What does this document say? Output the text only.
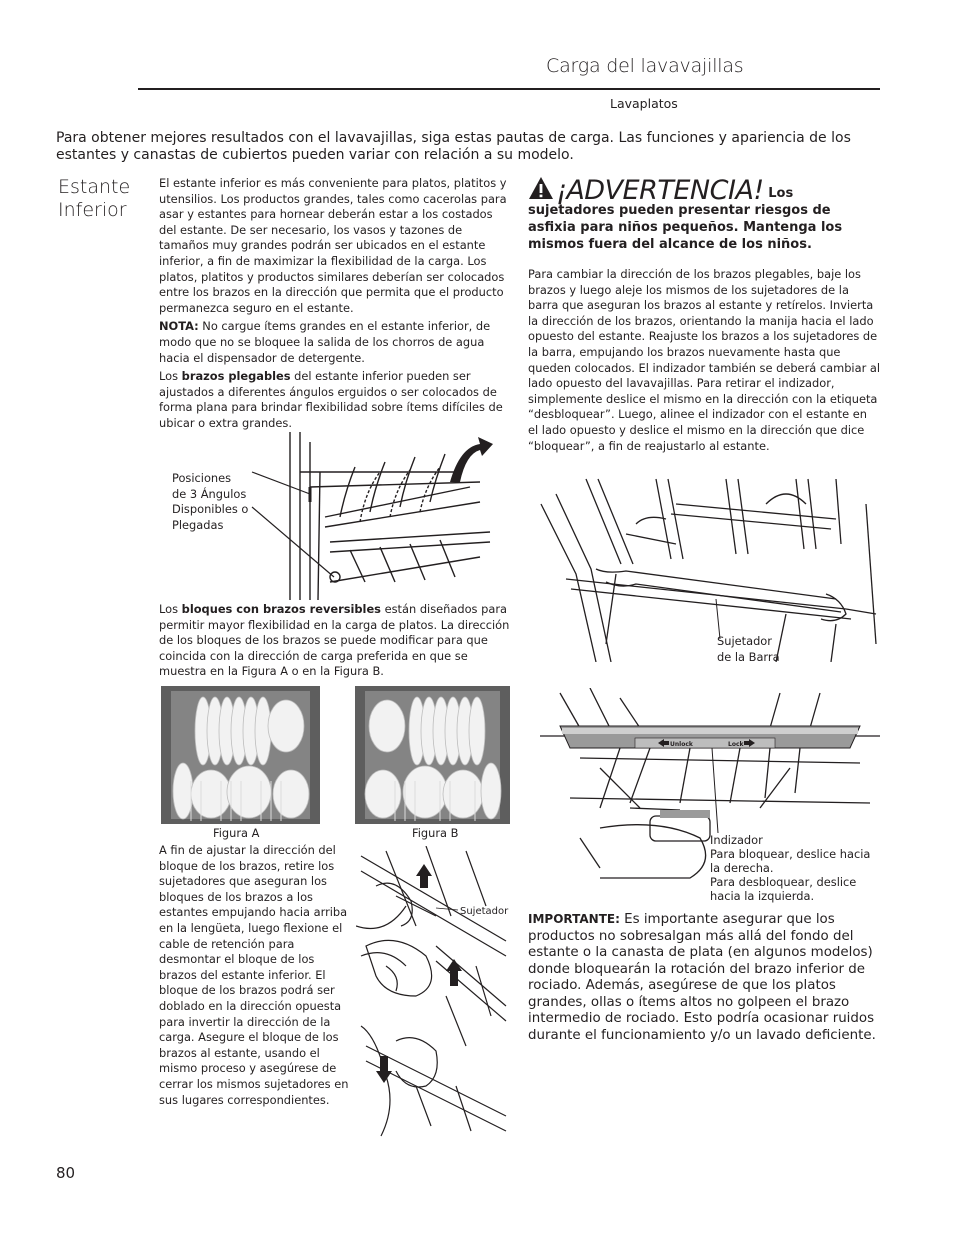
Carga del lavavajillas
Lavaplatos
Para obtener mejores resultados con el lavavajillas, siga estas pautas de carga. Las funciones y apariencia de los estantes y canastas de cubiertos pueden variar con relación a su modelo.
Estante
Inferior

El estante inferior es más conveniente para platos, platitos y utensilios. Los productos grandes, tales como cacerolas para asar y estantes para hornear deberán estar a los costados del estante. De ser necesario, los vasos y tazones de tamaños muy grandes podrán ser ubicados en el estante inferior, a fin de maximizar la flexibilidad de la carga. Los platos, platitos y productos similares deberían ser colocados entre los brazos en la dirección que permita que el producto permanezca seguro en el estante.

NOTA: No cargue ítems grandes en el estante inferior, de modo que no se bloquee la salida de los chorros de agua hacia el dispensador de detergente.

Los brazos plegables del estante inferior pueden ser ajustados a diferentes ángulos erguidos o ser colocados de forma plana para brindar flexibilidad sobre ítems difíciles de ubicar o extra grandes.

Posiciones
de 3 Ángulos
Disponibles o
Plegadas
Los bloques con brazos reversibles están diseñados para permitir mayor flexibilidad en la carga de platos. La dirección de los bloques de los brazos se puede modificar para que coincida con la dirección de carga preferida en que se muestra en la Figura A o en la Figura B.
Figura A	Figura B
A fin de ajustar la dirección del bloque de los brazos, retire los sujetadores que aseguran los bloques de los brazos a los estantes empujando hacia arriba en la lengüeta, luego flexione el cable de retención para desmontar el bloque de los brazos del estante inferior. El bloque de los brazos podrá ser doblado en la dirección opuesta para invertir la dirección de la carga. Asegure el bloque de los brazos al estante, usando el mismo proceso y asegúrese de cerrar los mismos sujetadores en sus lugares correspondientes.
Sujetador
¡ADVERTENCIA! Los sujetadores pueden presentar riesgos de asfixia para niños pequeños. Mantenga los mismos fuera del alcance de los niños.
Para cambiar la dirección de los brazos plegables, baje los brazos y luego aleje los mismos de los sujetadores de la barra que aseguran los brazos al estante y retírelos. Invierta la dirección de los brazos, orientando la manija hacia el lado opuesto del estante. Reajuste los brazos a los sujetadores de la barra, empujando los brazos nuevamente hasta que queden colocados. El indizador también se deberá cambiar al lado opuesto del lavavajillas. Para retirar el indizador, simplemente deslice el mismo en la dirección con la etiqueta “desbloquear”. Luego, alinee el indizador con el estante en el lado opuesto y deslice el mismo en la dirección que dice “bloquear”, a fin de reajustarlo al estante.
Sujetador
de la Barra
Unlock	Lock
Indizador
Para bloquear, deslice hacia
la derecha.
Para desbloquear, deslice
hacia la izquierda.
IMPORTANTE: Es importante asegurar que los productos no sobresalgan más allá del fondo del estante o la canasta de plata (en algunos modelos) donde bloquearán la rotación del brazo inferior de rociado. Además, asegúrese de que los platos grandes, ollas o ítems altos no golpeen el brazo intermedio de rociado. Esto podría ocasionar ruidos durante el funcionamiento y/o un lavado deficiente.
80
